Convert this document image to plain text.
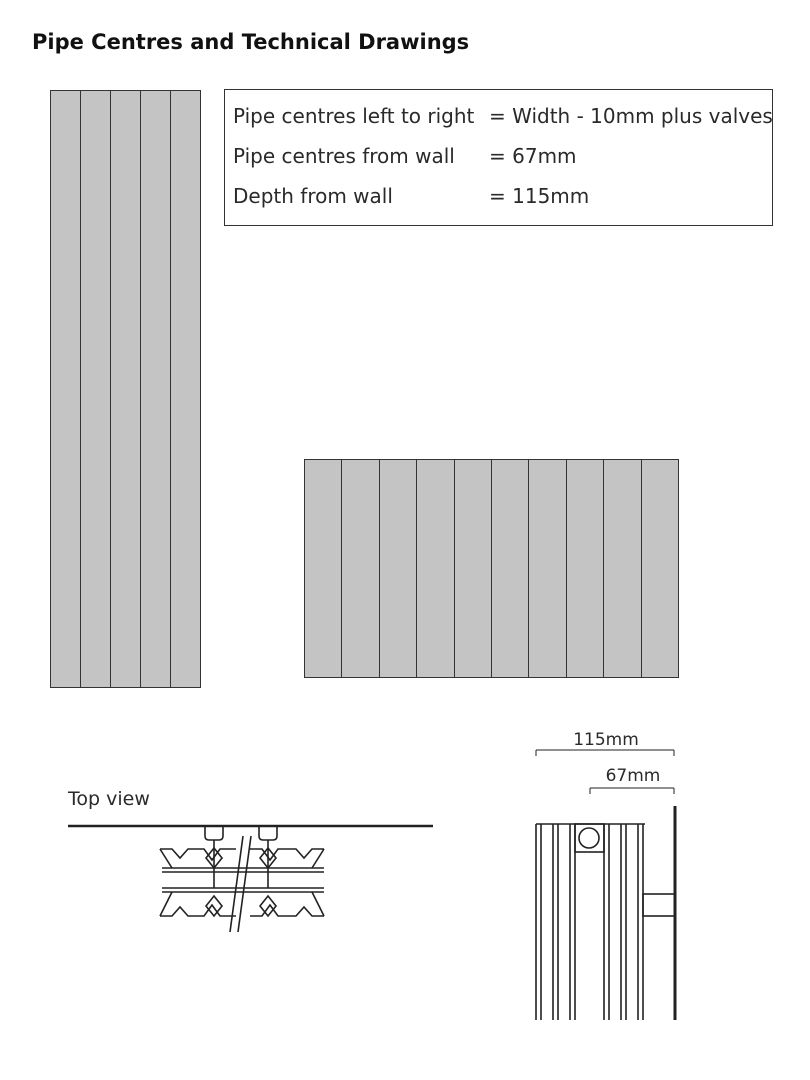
Pipe Centres and Technical Drawings
Pipe centres left to right = Width - 10mm plus valves
Pipe centres from wall = 67mm
Depth from wall	= 115mm
Top view
115mm
67mm
